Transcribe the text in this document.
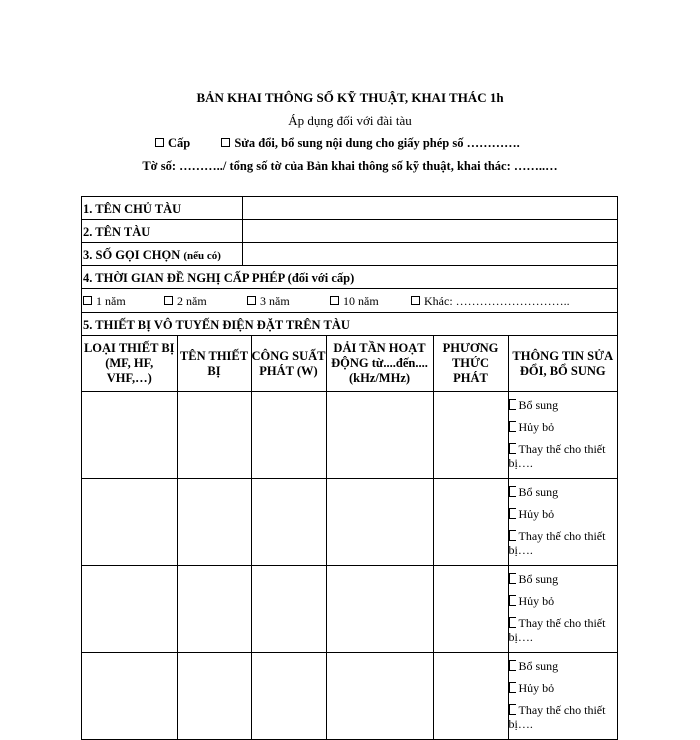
BẢN KHAI THÔNG SỐ KỸ THUẬT, KHAI THÁC 1h
Áp dụng đối với đài tàu
Cấp	Sửa đổi, bổ sung nội dung cho giấy phép số ………….
Tờ số: ………../ tổng số tờ của Bản khai thông số kỹ thuật, khai thác: ……..…
1. TÊN CHỦ TÀU
2. TÊN TÀU
3. SỐ GỌI CHỌN (nếu có)
4. THỜI GIAN ĐỀ NGHỊ CẤP PHÉP (đối với cấp)
1 năm	2 năm	3 năm	10 năm	Khác: ………………………..
5. THIẾT BỊ VÔ TUYẾN ĐIỆN ĐẶT TRÊN TÀU
LOẠI THIẾT BỊ (MF, HF, VHF,…)	TÊN THIẾT BỊ	CÔNG SUẤT PHÁT (W)	DẢI TẦN HOẠT ĐỘNG từ....đến.... (kHz/MHz)	PHƯƠNG THỨC PHÁT	THÔNG TIN SỬA ĐỔI, BỔ SUNG

					Bổ sung
Hủy bỏ
Thay thế cho thiết bị….

					Bổ sung
Hủy bỏ
Thay thế cho thiết bị….

					Bổ sung
Hủy bỏ
Thay thế cho thiết bị….

					Bổ sung
Hủy bỏ
Thay thế cho thiết bị….
